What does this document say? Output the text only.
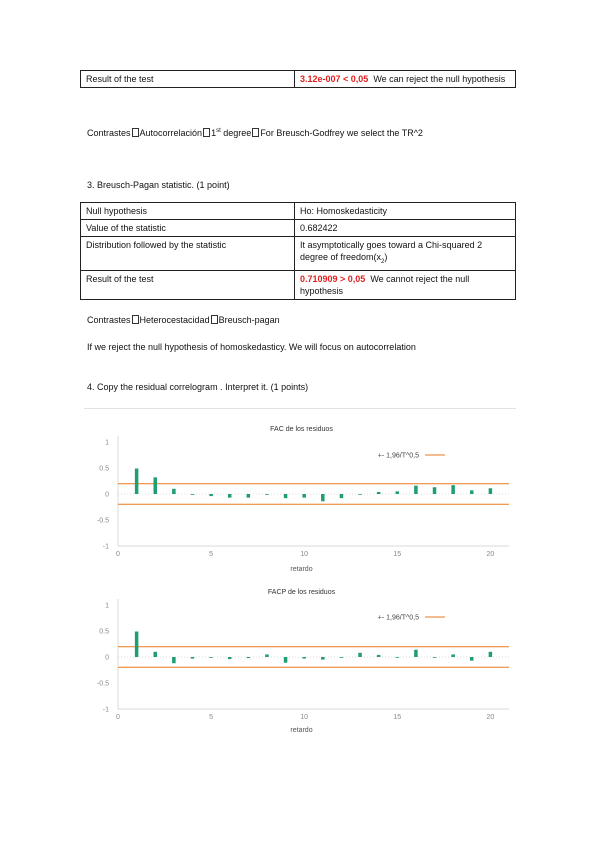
Result of the test	3.12e-007 < 0,05 We can reject the null hypothesis
Contrastes Autocorrelación 1st degree For Breusch-Godfrey we select the TR^2
3. Breusch-Pagan statistic. (1 point)
Null hypothesis	Ho: Homoskedasticity
Value of the statistic	0.682422
Distribution followed by the statistic	It asymptotically goes toward a Chi-squared 2 degree of $freedom(x_2)$
Result of the test	0.710909 > 0,05 We cannot reject the null hypothesis
Contrastes Heterocestacidad Breusch-pagan
If we reject the null hypothesis of homoskedasticy. We will focus on autocorrelation
4. Copy the residual correlogram . Interpret it. (1 points)
FAC de los residuos
1
0.5
0
-0.5
-1
0	5	10	15	20
retardo
+- 1,96/T^0,5
FACP de los residuos
1
0.5
0
-0.5
-1
0	5	10	15	20
retardo
+- 1,96/T^0,5
